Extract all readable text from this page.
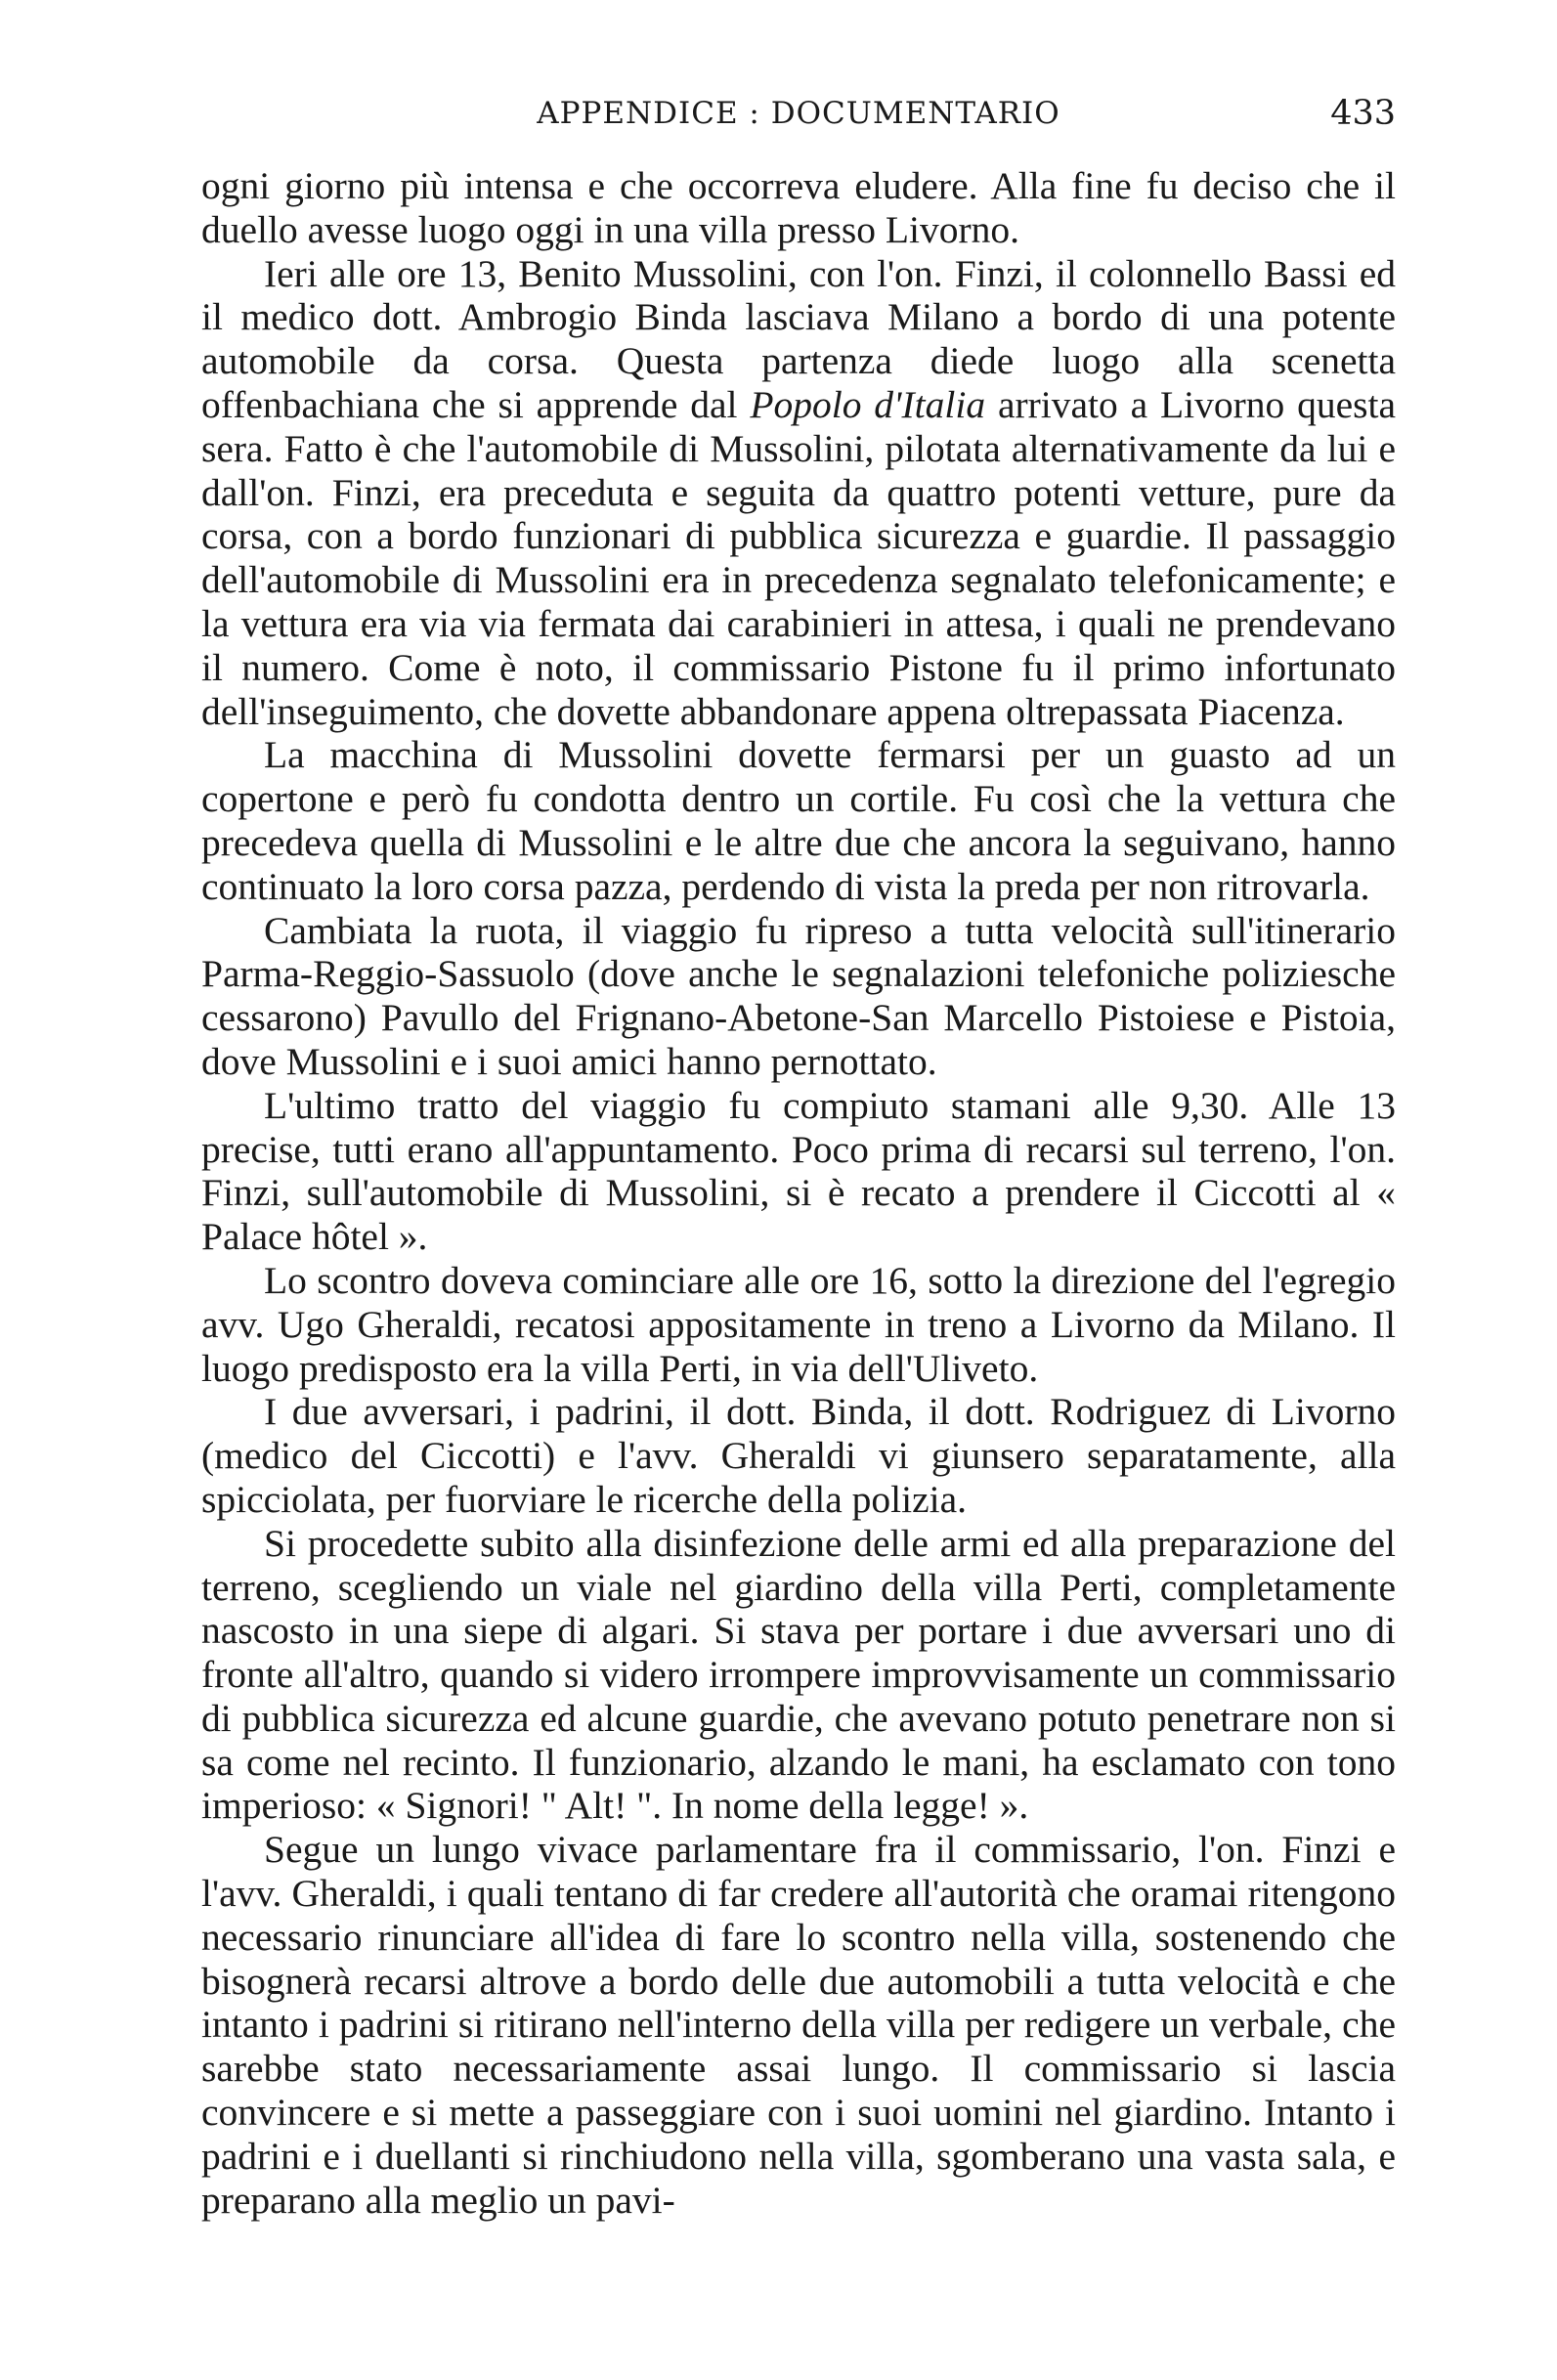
APPENDICE : DOCUMENTARIO	433

ogni giorno più intensa e che occorreva eludere. Alla fine fu deciso che il duello avesse luogo oggi in una villa presso Livorno.

Ieri alle ore 13, Benito Mussolini, con l'on. Finzi, il colonnello Bassi ed il medico dott. Ambrogio Binda lasciava Milano a bordo di una potente automobile da corsa. Questa partenza diede luogo alla scenetta offenbachiana che si apprende dal Popolo d'Italia arrivato a Livorno questa sera. Fatto è che l'automobile di Mussolini, pilotata alternativamente da lui e dall'on. Finzi, era preceduta e seguita da quattro potenti vetture, pure da corsa, con a bordo funzionari di pubblica sicurezza e guardie. Il passaggio dell'automobile di Mussolini era in precedenza segnalato telefonicamente; e la vettura era via via fermata dai carabinieri in attesa, i quali ne prendevano il numero. Come è noto, il commissario Pistone fu il primo infortunato dell'inseguimento, che dovette abbandonare appena oltrepassata Piacenza.

La macchina di Mussolini dovette fermarsi per un guasto ad un copertone e però fu condotta dentro un cortile. Fu così che la vettura che precedeva quella di Mussolini e le altre due che ancora la seguivano, hanno continuato la loro corsa pazza, perdendo di vista la preda per non ritrovarla.

Cambiata la ruota, il viaggio fu ripreso a tutta velocità sull'itinerario Parma-Reggio-Sassuolo (dove anche le segnalazioni telefoniche poliziesche cessarono) Pavullo del Frignano-Abetone-San Marcello Pistoiese e Pistoia, dove Mussolini e i suoi amici hanno pernottato.

L'ultimo tratto del viaggio fu compiuto stamani alle 9,30. Alle 13 precise, tutti erano all'appuntamento. Poco prima di recarsi sul terreno, l'on. Finzi, sull'automobile di Mussolini, si è recato a prendere il Ciccotti al « Palace hôtel ».

Lo scontro doveva cominciare alle ore 16, sotto la direzione del l'egregio avv. Ugo Gheraldi, recatosi appositamente in treno a Livorno da Milano. Il luogo predisposto era la villa Perti, in via dell'Uliveto.

I due avversari, i padrini, il dott. Binda, il dott. Rodriguez di Livorno (medico del Ciccotti) e l'avv. Gheraldi vi giunsero separatamente, alla spicciolata, per fuorviare le ricerche della polizia.

Si procedette subito alla disinfezione delle armi ed alla preparazione del terreno, scegliendo un viale nel giardino della villa Perti, completamente nascosto in una siepe di algari. Si stava per portare i due avversari uno di fronte all'altro, quando si videro irrompere improvvisamente un commissario di pubblica sicurezza ed alcune guardie, che avevano potuto penetrare non si sa come nel recinto. Il funzionario, alzando le mani, ha esclamato con tono imperioso: « Signori! " Alt! ". In nome della legge! ».

Segue un lungo vivace parlamentare fra il commissario, l'on. Finzi e l'avv. Gheraldi, i quali tentano di far credere all'autorità che oramai ritengono necessario rinunciare all'idea di fare lo scontro nella villa, sostenendo che bisognerà recarsi altrove a bordo delle due automobili a tutta velocità e che intanto i padrini si ritirano nell'interno della villa per redigere un verbale, che sarebbe stato necessariamente assai lungo. Il commissario si lascia convincere e si mette a passeggiare con i suoi uomini nel giardino. Intanto i padrini e i duellanti si rinchiudono nella villa, sgomberano una vasta sala, e preparano alla meglio un pavi-
